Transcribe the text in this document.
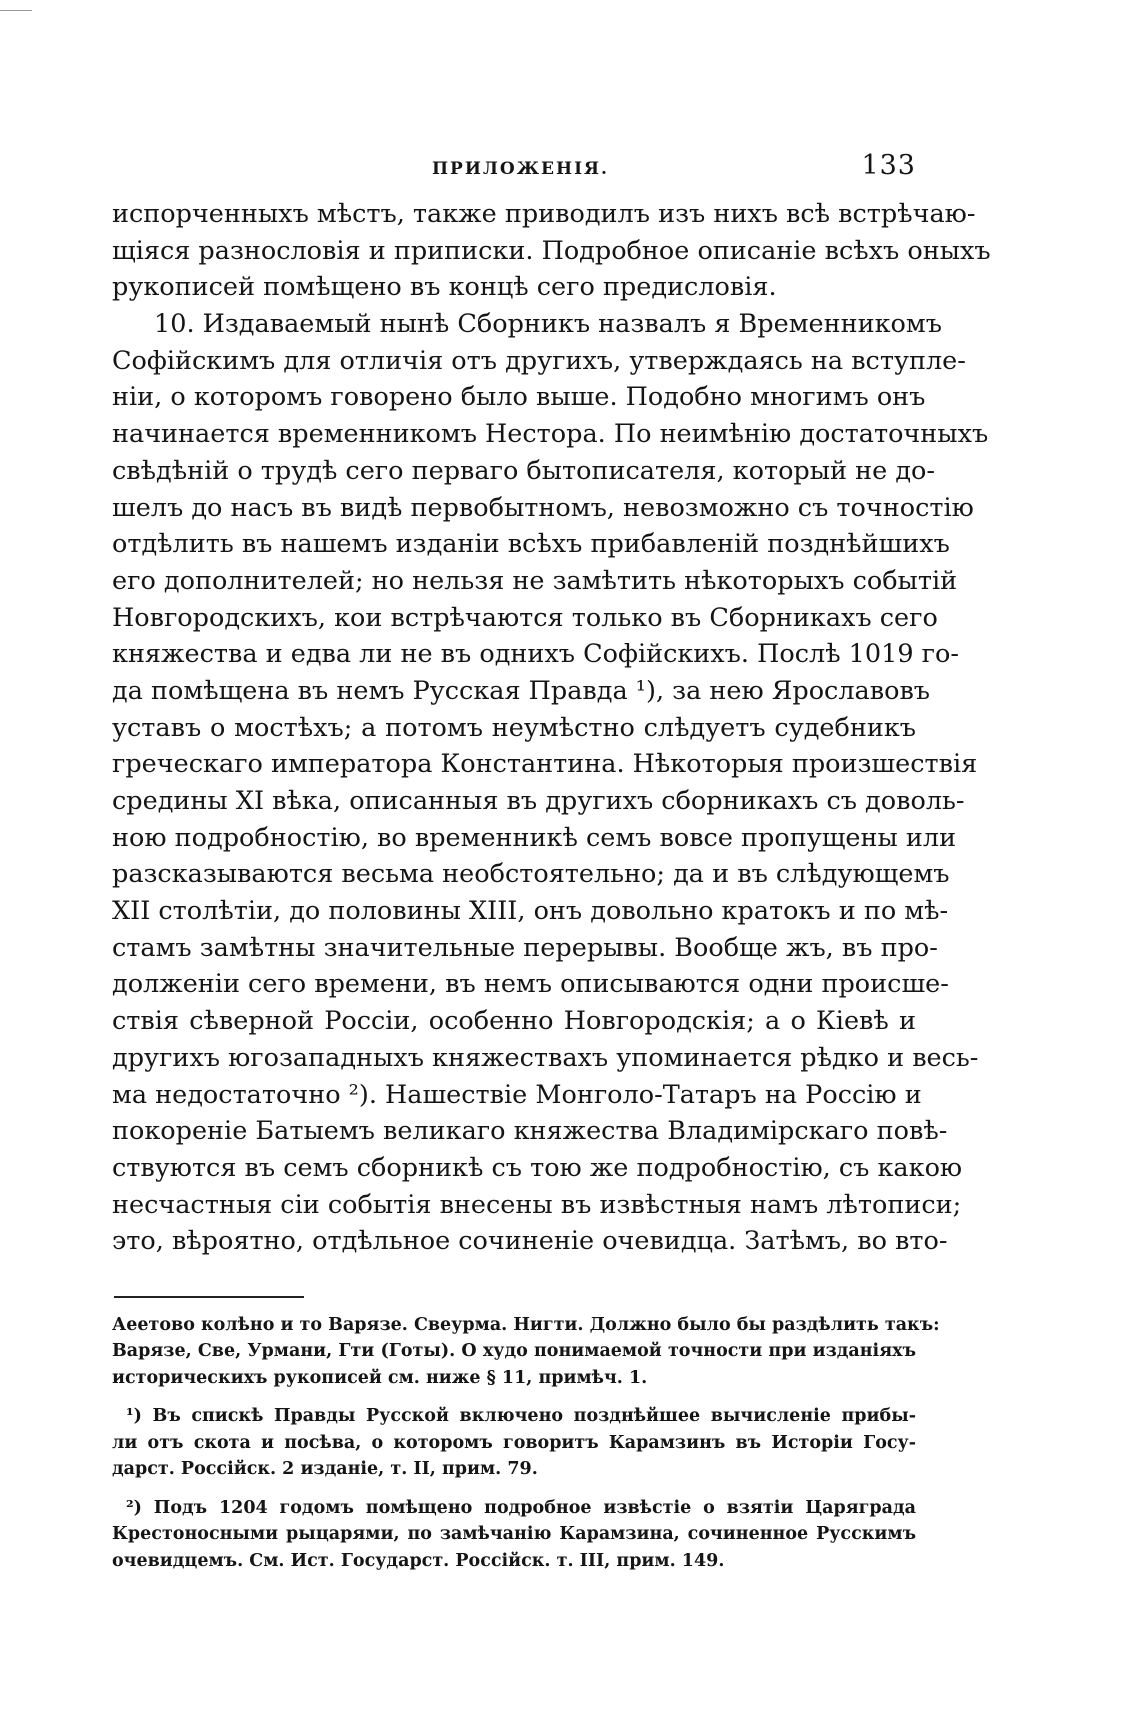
ПРИЛОЖЕНІЯ.	133
испорченныхъ мѣстъ, также приводилъ изъ нихъ всѣ встрѣчаю-
щіяся разнословія и приписки. Подробное описаніе всѣхъ оныхъ
рукописей помѣщено въ концѣ сего предисловія.
10. Издаваемый нынѣ Сборникъ назвалъ я Временникомъ
Софійскимъ для отличія отъ другихъ, утверждаясь на вступле-
ніи, о которомъ говорено было выше. Подобно многимъ онъ
начинается временникомъ Нестора. По неимѣнію достаточныхъ
свѣдѣній о трудѣ сего перваго бытописателя, который не до-
шелъ до насъ въ видѣ первобытномъ, невозможно съ точностію
отдѣлить въ нашемъ изданіи всѣхъ прибавленій позднѣйшихъ
его дополнителей; но нельзя не замѣтить нѣкоторыхъ событій
Новгородскихъ, кои встрѣчаются только въ Сборникахъ сего
княжества и едва ли не въ однихъ Софійскихъ. Послѣ 1019 го-
да помѣщена въ немъ Русская Правда ¹), за нею Ярославовъ
уставъ о мостѣхъ; а потомъ неумѣстно слѣдуетъ судебникъ
греческаго императора Константина. Нѣкоторыя произшествія
средины XI вѣка, описанныя въ другихъ сборникахъ съ доволь-
ною подробностію, во временникѣ семъ вовсе пропущены или
разсказываются весьма необстоятельно; да и въ слѣдующемъ
XII столѣтіи, до половины XIII, онъ довольно кратокъ и по мѣ-
стамъ замѣтны значительные перерывы. Вообще жъ, въ про-
долженіи сего времени, въ немъ описываются одни происше-
ствія сѣверной Россіи, особенно Новгородскія; а о Кіевѣ и
другихъ югозападныхъ княжествахъ упоминается рѣдко и весь-
ма недостаточно ²). Нашествіе Монголо-Татаръ на Россію и
покореніе Батыемъ великаго княжества Владимірскаго повѣ-
ствуются въ семъ сборникѣ съ тою же подробностію, съ какою
несчастныя сіи событія внесены въ извѣстныя намъ лѣтописи;
это, вѣроятно, отдѣльное сочиненіе очевидца. Затѣмъ, во вто-
Аеетово колѣно и то Варязе. Свеурма. Нигти. Должно было бы раздѣлить такъ:
Варязе, Све, Урмани, Гти (Готы). О худо понимаемой точности при изданіяхъ
историческихъ рукописей см. ниже § 11, примѣч. 1.
¹) Въ спискѣ Правды Русской включено позднѣйшее вычисленіе прибы-
ли отъ скота и посѣва, о которомъ говоритъ Карамзинъ въ Исторіи Госу-
дарст. Россійск. 2 изданіе, т. II, прим. 79.
²) Подъ 1204 годомъ помѣщено подробное извѣстіе о взятіи Царяграда
Крестоносными рыцарями, по замѣчанію Карамзина, сочиненное Русскимъ
очевидцемъ. См. Ист. Государст. Россійск. т. III, прим. 149.
